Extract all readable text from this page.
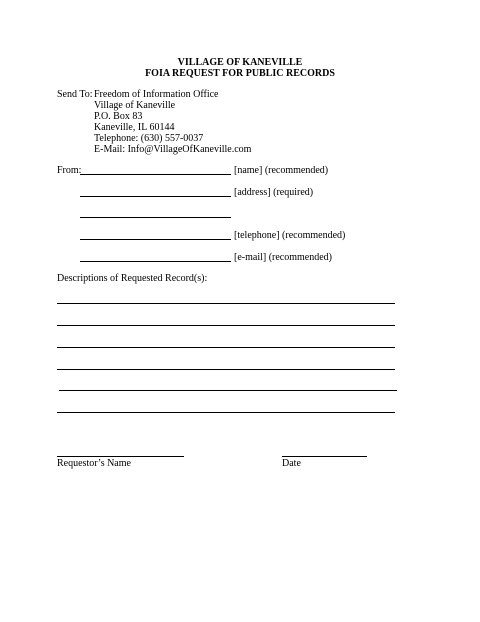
VILLAGE OF KANEVILLE
FOIA REQUEST FOR PUBLIC RECORDS
Send To: Freedom of Information Office
Village of Kaneville
P.O. Box 83
Kaneville, IL 60144
Telephone: (630) 557-0037
E-Mail: Info@VillageOfKaneville.com
From:	[name] (recommended)
[address] (required)
[telephone] (recommended)
[e-mail] (recommended)
Descriptions of Requested Record(s):
Requestor’s Name	Date
